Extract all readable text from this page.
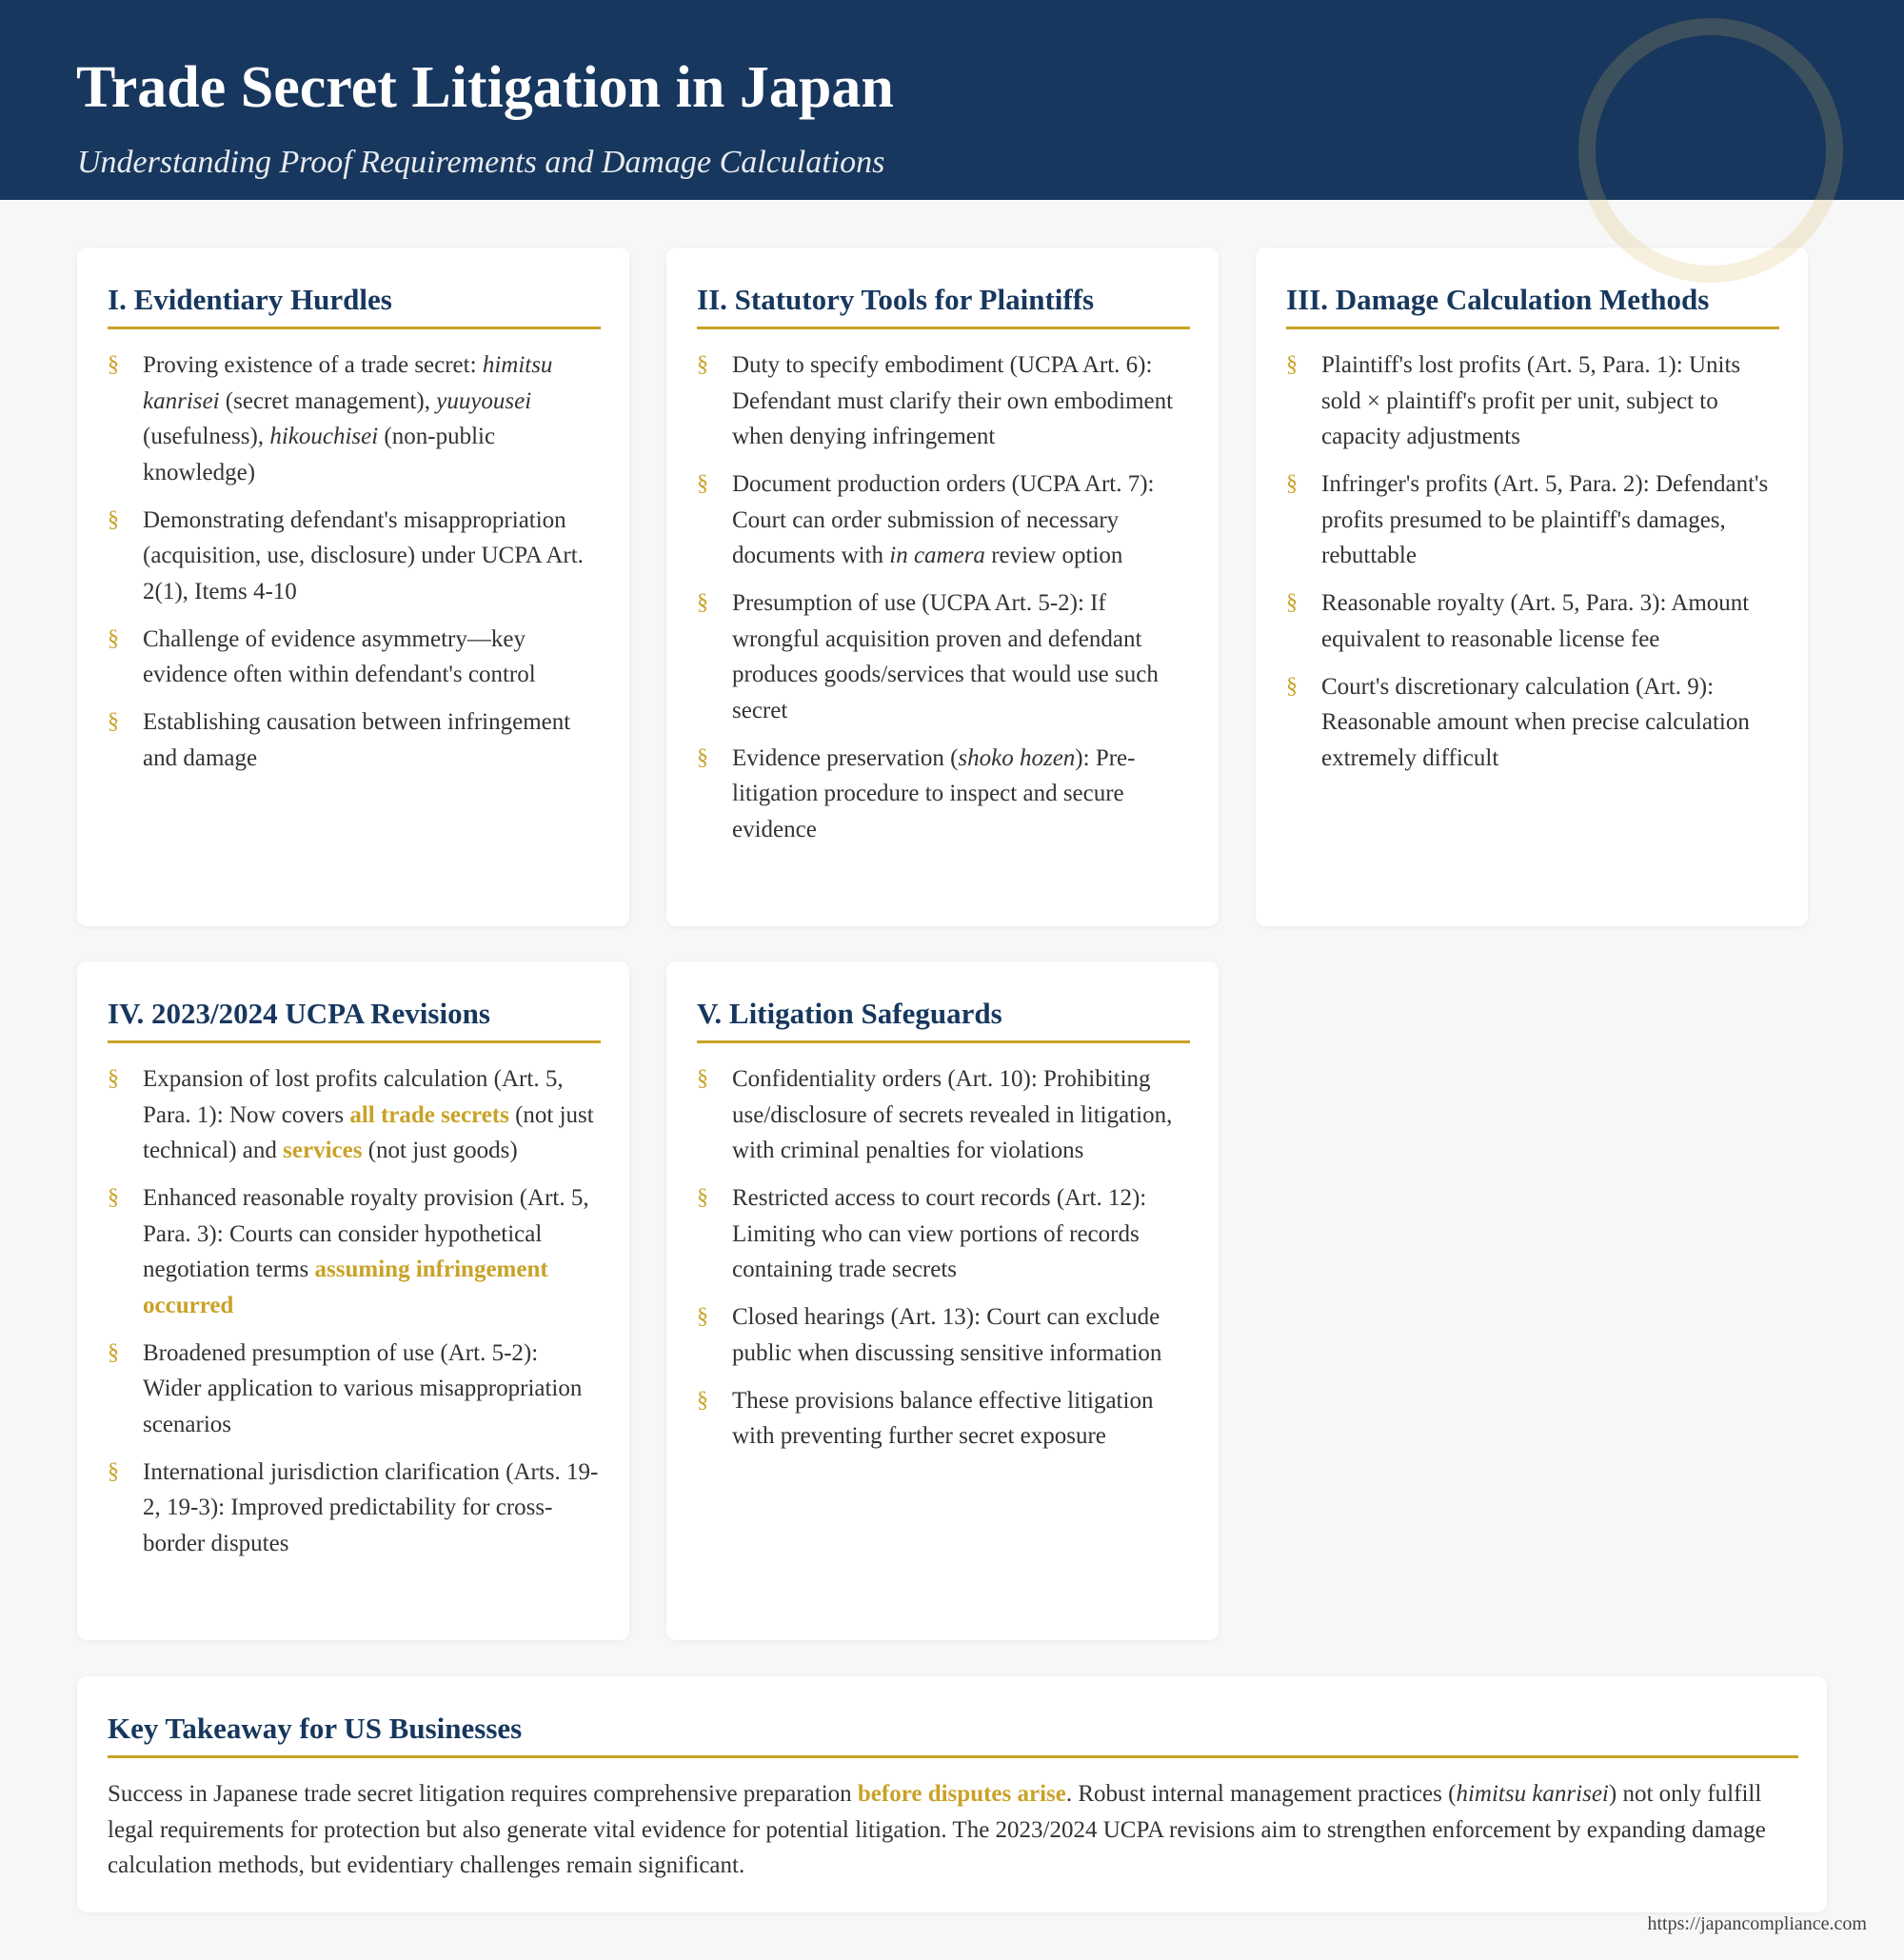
Trade Secret Litigation in Japan

Understanding Proof Requirements and Damage Calculations

I. Evidentiary Hurdles
§ Proving existence of a trade secret: himitsu kanrisei (secret management), yuuyousei (usefulness), hikouchisei (non-public knowledge)
§ Demonstrating defendant's misappropriation (acquisition, use, disclosure) under UCPA Art. 2(1), Items 4-10
§ Challenge of evidence asymmetry—key evidence often within defendant's control
§ Establishing causation between infringement and damage
II. Statutory Tools for Plaintiffs
§ Duty to specify embodiment (UCPA Art. 6): Defendant must clarify their own embodiment when denying infringement
§ Document production orders (UCPA Art. 7): Court can order submission of necessary documents with in camera review option
§ Presumption of use (UCPA Art. 5-2): If wrongful acquisition proven and defendant produces goods/services that would use such secret
§ Evidence preservation (shoko hozen): Pre-litigation procedure to inspect and secure evidence
III. Damage Calculation Methods
§ Plaintiff's lost profits (Art. 5, Para. 1): Units sold × plaintiff's profit per unit, subject to capacity adjustments
§ Infringer's profits (Art. 5, Para. 2): Defendant's profits presumed to be plaintiff's damages, rebuttable
§ Reasonable royalty (Art. 5, Para. 3): Amount equivalent to reasonable license fee
§ Court's discretionary calculation (Art. 9): Reasonable amount when precise calculation extremely difficult
IV. 2023/2024 UCPA Revisions
§ Expansion of lost profits calculation (Art. 5, Para. 1): Now covers all trade secrets (not just technical) and services (not just goods)
§ Enhanced reasonable royalty provision (Art. 5, Para. 3): Courts can consider hypothetical negotiation terms assuming infringement occurred
§ Broadened presumption of use (Art. 5-2): Wider application to various misappropriation scenarios
§ International jurisdiction clarification (Arts. 19-2, 19-3): Improved predictability for cross-border disputes
V. Litigation Safeguards
§ Confidentiality orders (Art. 10): Prohibiting use/disclosure of secrets revealed in litigation, with criminal penalties for violations
§ Restricted access to court records (Art. 12): Limiting who can view portions of records containing trade secrets
§ Closed hearings (Art. 13): Court can exclude public when discussing sensitive information
§ These provisions balance effective litigation with preventing further secret exposure
Key Takeaway for US Businesses

Success in Japanese trade secret litigation requires comprehensive preparation before disputes arise. Robust internal management practices (himitsu kanrisei) not only fulfill legal requirements for protection but also generate vital evidence for potential litigation. The 2023/2024 UCPA revisions aim to strengthen enforcement by expanding damage calculation methods, but evidentiary challenges remain significant.

https://japancompliance.com
